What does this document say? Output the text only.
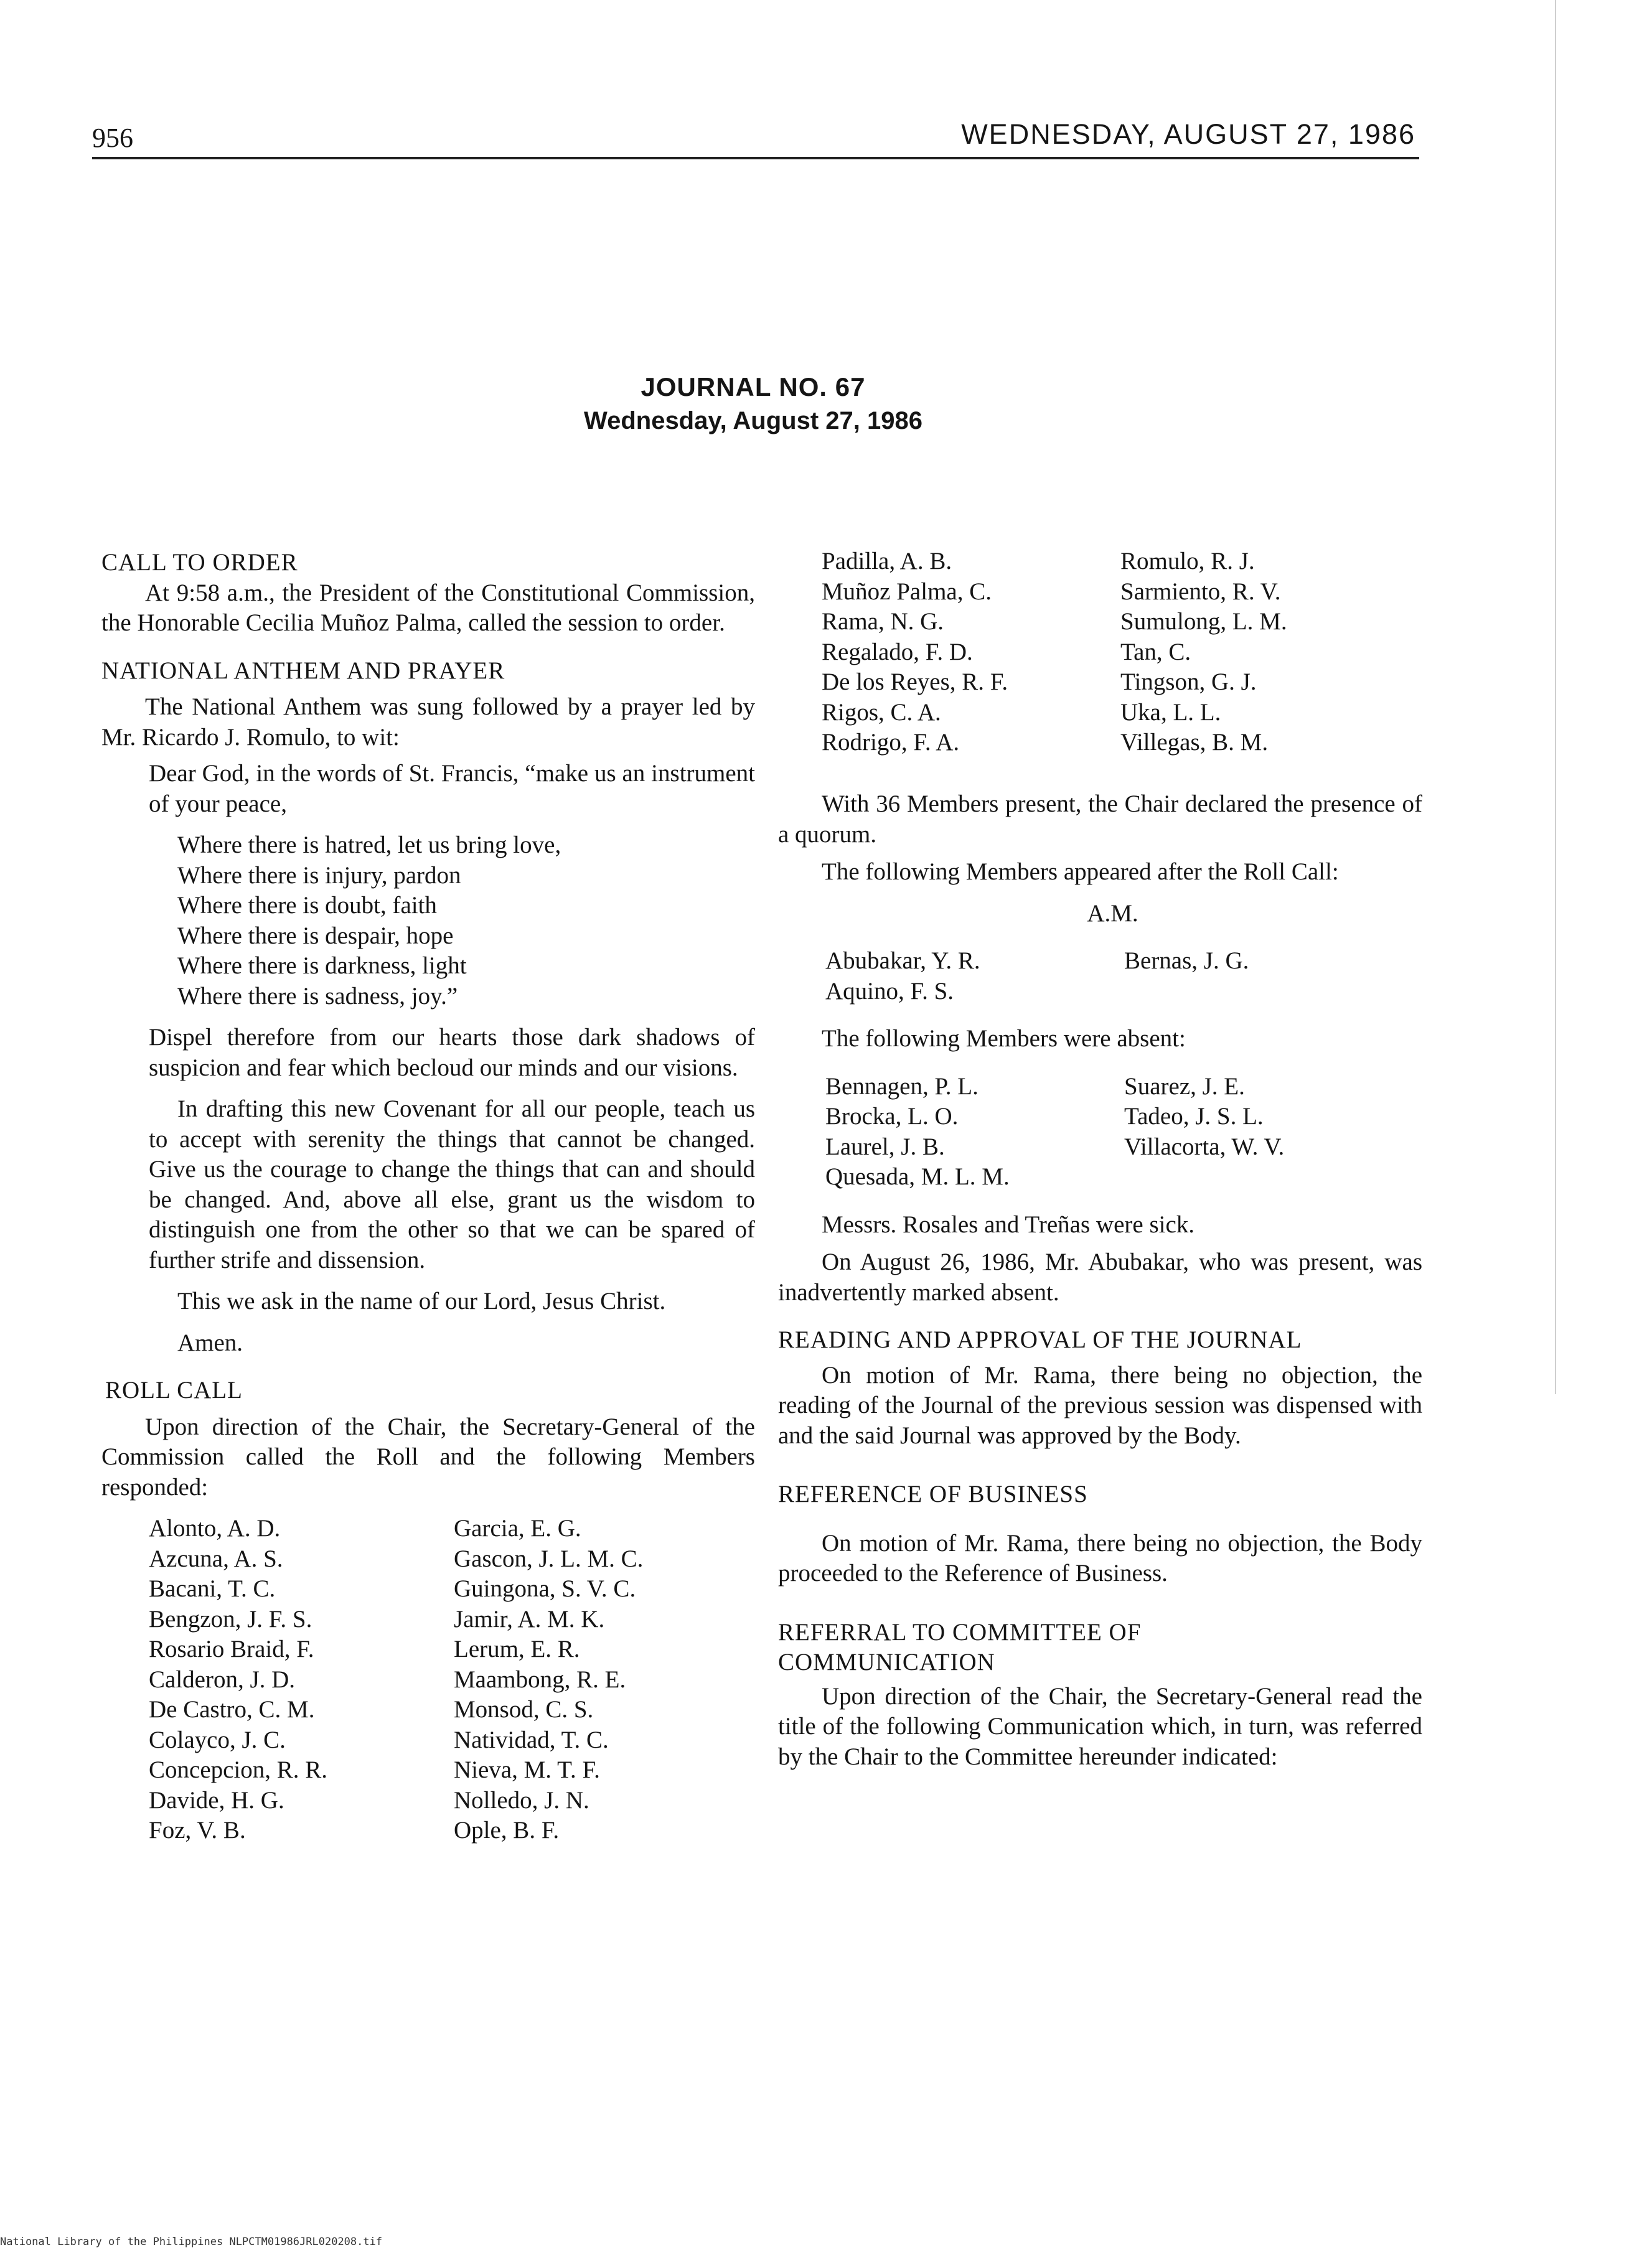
956	WEDNESDAY, AUGUST 27, 1986
JOURNAL NO. 67
Wednesday, August 27, 1986

CALL TO ORDER

At 9:58 a.m., the President of the Constitutional Commission, the Honorable Cecilia Muñoz Palma, called the session to order.

NATIONAL ANTHEM AND PRAYER

The National Anthem was sung followed by a prayer led by Mr. Ricardo J. Romulo, to wit:

Dear God, in the words of St. Francis, “make us an instrument of your peace,

Where there is hatred, let us bring love,
Where there is injury, pardon
Where there is doubt, faith
Where there is despair, hope
Where there is darkness, light
Where there is sadness, joy.”

Dispel therefore from our hearts those dark shadows of suspicion and fear which becloud our minds and our visions.

In drafting this new Covenant for all our people, teach us to accept with serenity the things that cannot be changed. Give us the courage to change the things that can and should be changed. And, above all else, grant us the wisdom to distinguish one from the other so that we can be spared of further strife and dissension.

This we ask in the name of our Lord, Jesus Christ.

Amen.

ROLL CALL

Upon direction of the Chair, the Secretary-General of the Commission called the Roll and the following Members responded:

Alonto, A. D.	Garcia, E. G.
Azcuna, A. S.	Gascon, J. L. M. C.
Bacani, T. C.	Guingona, S. V. C.
Bengzon, J. F. S.	Jamir, A. M. K.
Rosario Braid, F.	Lerum, E. R.
Calderon, J. D.	Maambong, R. E.
De Castro, C. M.	Monsod, C. S.
Colayco, J. C.	Natividad, T. C.
Concepcion, R. R.	Nieva, M. T. F.
Davide, H. G.	Nolledo, J. N.
Foz, V. B.	Ople, B. F.
Padilla, A. B.	Romulo, R. J.
Muñoz Palma, C.	Sarmiento, R. V.
Rama, N. G.	Sumulong, L. M.
Regalado, F. D.	Tan, C.
De los Reyes, R. F.	Tingson, G. J.
Rigos, C. A.	Uka, L. L.
Rodrigo, F. A.	Villegas, B. M.

With 36 Members present, the Chair declared the presence of a quorum.

The following Members appeared after the Roll Call:

A.M.
Abubakar, Y. R.	Bernas, J. G.
Aquino, F. S.

The following Members were absent:

Bennagen, P. L.	Suarez, J. E.
Brocka, L. O.	Tadeo, J. S. L.
Laurel, J. B.	Villacorta, W. V.
Quesada, M. L. M.

Messrs. Rosales and Treñas were sick.

On August 26, 1986, Mr. Abubakar, who was present, was inadvertently marked absent.

READING AND APPROVAL OF THE JOURNAL

On motion of Mr. Rama, there being no objection, the reading of the Journal of the previous session was dispensed with and the said Journal was approved by the Body.

REFERENCE OF BUSINESS

On motion of Mr. Rama, there being no objection, the Body proceeded to the Reference of Business.

REFERRAL TO COMMITTEE OF

COMMUNICATION

Upon direction of the Chair, the Secretary-General read the title of the following Communication which, in turn, was referred by the Chair to the Committee hereunder indicated:

National Library of the Philippines NLPCTM01986JRL020208.tif
